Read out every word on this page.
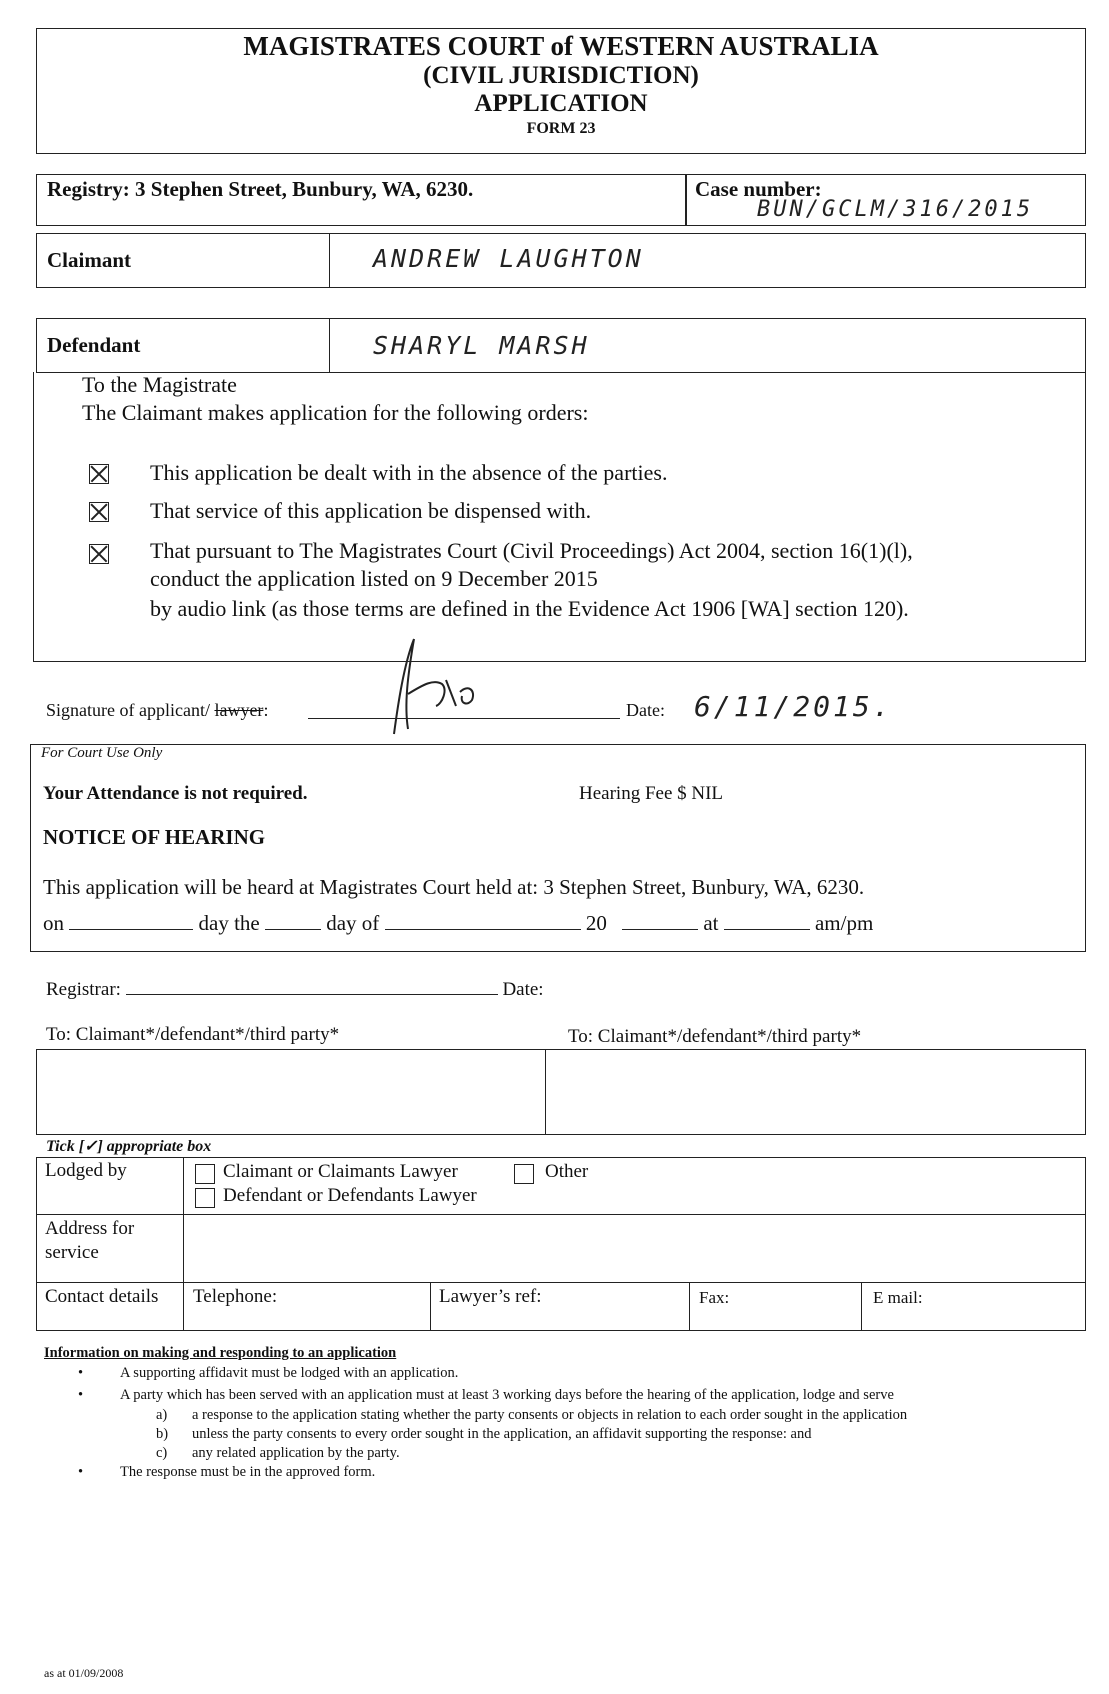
MAGISTRATES COURT of WESTERN AUSTRALIA
(CIVIL JURISDICTION)
APPLICATION
FORM 23
Registry: 3 Stephen Street, Bunbury, WA, 6230.	Case number:
BUN/GCLM/316/2015
Claimant	ANDREW LAUGHTON
Defendant	SHARYL MARSH
To the Magistrate
The Claimant makes application for the following orders:
This application be dealt with in the absence of the parties.
That service of this application be dispensed with.
That pursuant to The Magistrates Court (Civil Proceedings) Act 2004, section 16(1)(l),
conduct the application listed on 9 December 2015
by audio link (as those terms are defined in the Evidence Act 1906 [WA] section 120).
Signature of applicant/ lawyer:	Date: 6/11/2015.
For Court Use Only
Your Attendance is not required.	Hearing Fee $ NIL
NOTICE OF HEARING
This application will be heard at Magistrates Court held at: 3 Stephen Street, Bunbury, WA, 6230.
on	day the	day of	20	at	am/pm
Registrar:	Date:
To: Claimant*/defendant*/third party*	To: Claimant*/defendant*/third party*
Tick [✓] appropriate box
Lodged by	Claimant or Claimants Lawyer	Other
Defendant or Defendants Lawyer
Address for
service
Contact details Telephone:	Lawyer’s ref:	Fax:	E mail:
Information on making and responding to an application
•	A supporting affidavit must be lodged with an application.
•	A party which has been served with an application must at least 3 working days before the hearing of the application, lodge and serve
a) a response to the application stating whether the party consents or objects in relation to each order sought in the application
b) unless the party consents to every order sought in the application, an affidavit supporting the response: and
c) any related application by the party.
•	The response must be in the approved form.
as at 01/09/2008
